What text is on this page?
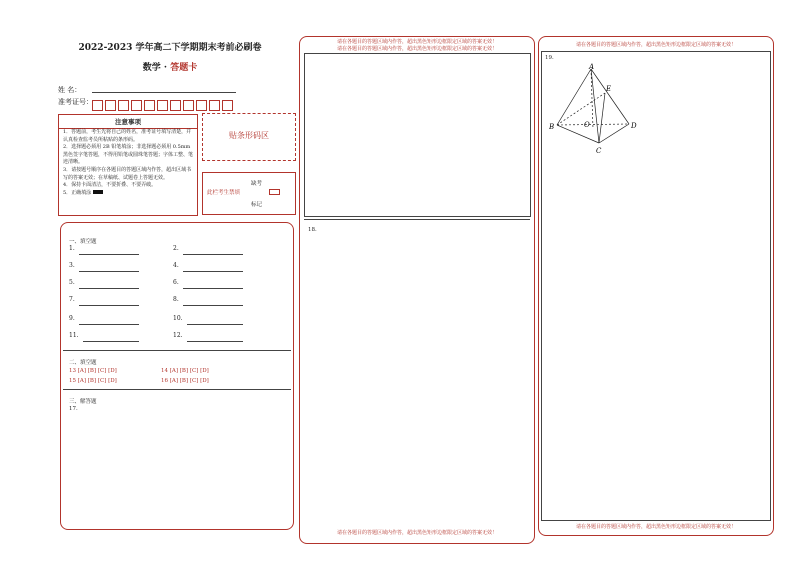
2022-2023 学年高二下学期期末考前必刷卷
数学 · 答题卡
姓 名：
准考证号：
注意事项
1．答题前，考生先将自己的姓名，准考证号填写清楚，并认真检查监考员所粘贴的条形码。
2．选择题必须用 2B 铅笔填涂；非选择题必须用 0.5mm 黑色签字笔答题，不得用铅笔或圆珠笔答题；字体工整、笔迹清晰。
3．请按题号顺序在各题目的答题区域内作答，超出区域书写的答案无效；在草稿纸、试题卷上答题无效。
4．保持卡面清洁，不要折叠、不要弄破。
5．正确填涂
贴条形码区
缺考
此栏考生禁填
标记
一、填空题
1.	2.
3.	4.
5.	6.
7.	8.
9.	10.
11.	12.
二、填空题
13 [A] [B] [C] [D]	14 [A] [B] [C] [D]
15 [A] [B] [C] [D]	16 [A] [B] [C] [D]
三、解答题
17.
请在各题目的答题区域内作答，超出黑色矩形边框限定区域的答案无效！
请在各题目的答题区域内作答，超出黑色矩形边框限定区域的答案无效！
18.
请在各题目的答题区域内作答，超出黑色矩形边框限定区域的答案无效！
请在各题目的答题区域内作答，超出黑色矩形边框限定区域的答案无效！
19.
A
B
C
D
E
O
请在各题目的答题区域内作答，超出黑色矩形边框限定区域的答案无效！
